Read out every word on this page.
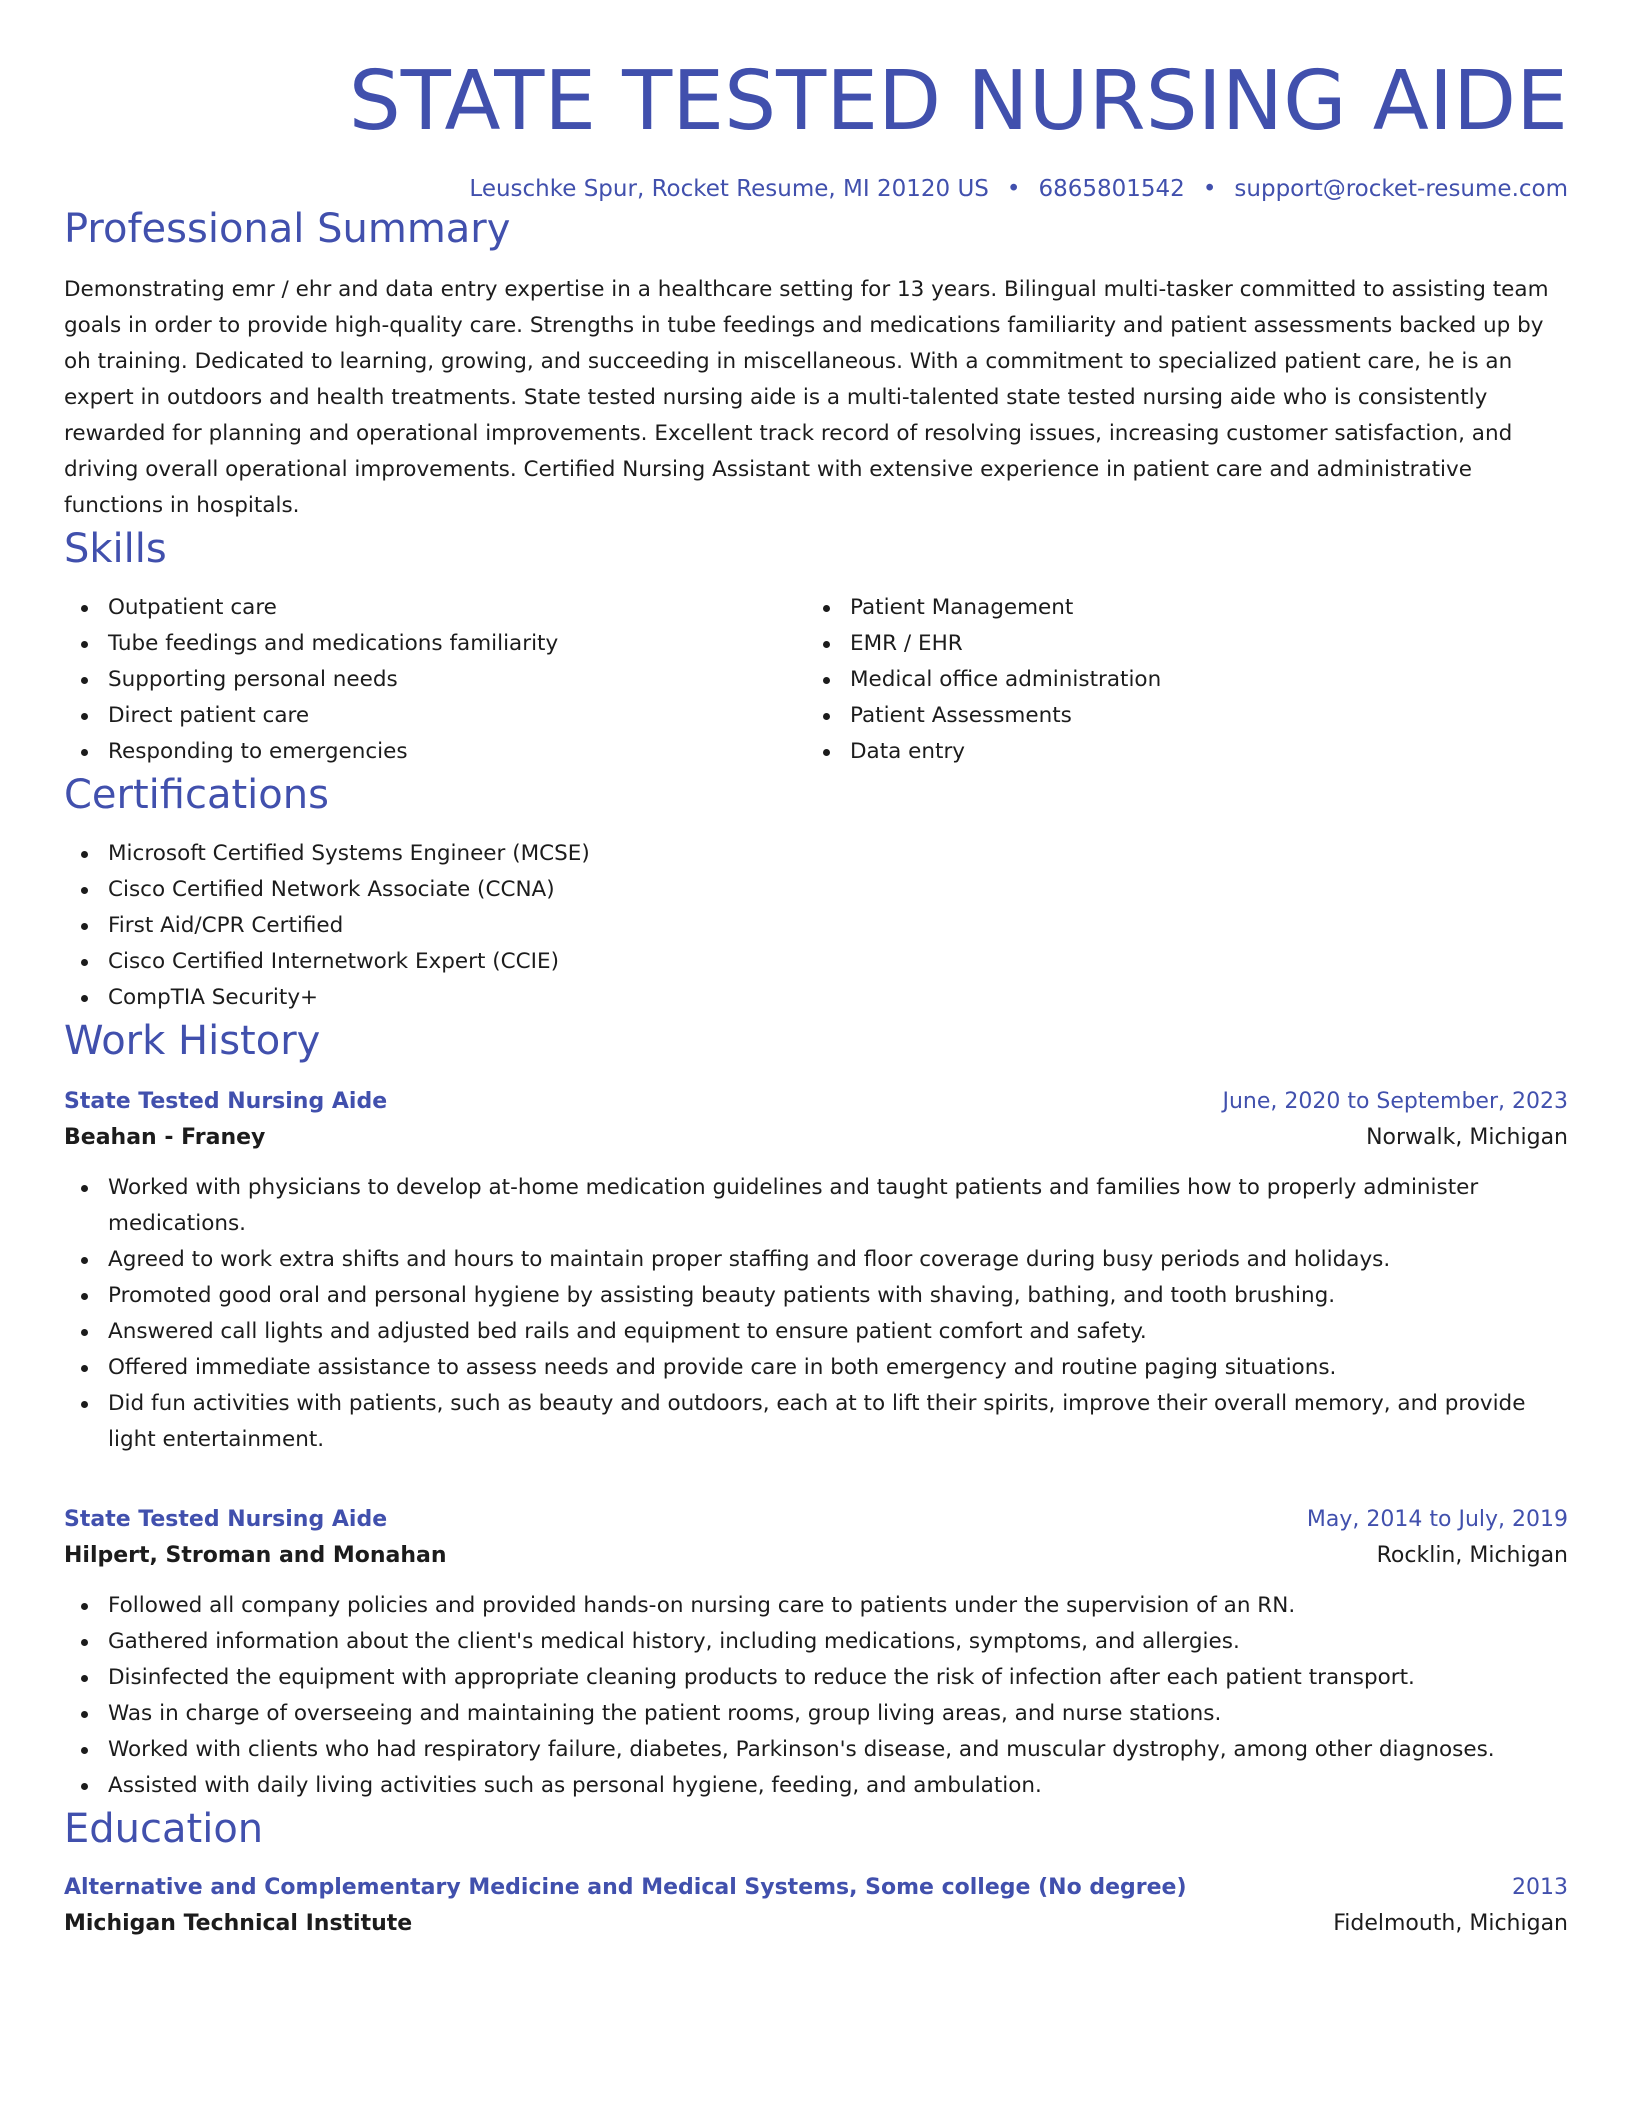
STATE TESTED NURSING AIDE
Leuschke Spur, Rocket Resume, MI 20120 US • 6865801542 • support@rocket-resume.com
Professional Summary
Demonstrating emr / ehr and data entry expertise in a healthcare setting for 13 years. Bilingual multi-tasker committed to assisting team goals in order to provide high-quality care. Strengths in tube feedings and medications familiarity and patient assessments backed up by oh training. Dedicated to learning, growing, and succeeding in miscellaneous. With a commitment to specialized patient care, he is an expert in outdoors and health treatments. State tested nursing aide is a multi-talented state tested nursing aide who is consistently rewarded for planning and operational improvements. Excellent track record of resolving issues, increasing customer satisfaction, and driving overall operational improvements. Certified Nursing Assistant with extensive experience in patient care and administrative functions in hospitals.
Skills
Outpatient care
Tube feedings and medications familiarity
Supporting personal needs
Direct patient care
Responding to emergencies
Patient Management
EMR / EHR
Medical office administration
Patient Assessments
Data entry
Certifications
Microsoft Certified Systems Engineer (MCSE)
Cisco Certified Network Associate (CCNA)
First Aid/CPR Certified
Cisco Certified Internetwork Expert (CCIE)
CompTIA Security+
Work History
State Tested Nursing Aide	June, 2020 to September, 2023
Beahan - Franey	Norwalk, Michigan
Worked with physicians to develop at-home medication guidelines and taught patients and families how to properly administer medications.
Agreed to work extra shifts and hours to maintain proper staffing and floor coverage during busy periods and holidays.
Promoted good oral and personal hygiene by assisting beauty patients with shaving, bathing, and tooth brushing.
Answered call lights and adjusted bed rails and equipment to ensure patient comfort and safety.
Offered immediate assistance to assess needs and provide care in both emergency and routine paging situations.
Did fun activities with patients, such as beauty and outdoors, each at to lift their spirits, improve their overall memory, and provide light entertainment.
State Tested Nursing Aide	May, 2014 to July, 2019
Hilpert, Stroman and Monahan	Rocklin, Michigan
Followed all company policies and provided hands-on nursing care to patients under the supervision of an RN.
Gathered information about the client's medical history, including medications, symptoms, and allergies.
Disinfected the equipment with appropriate cleaning products to reduce the risk of infection after each patient transport.
Was in charge of overseeing and maintaining the patient rooms, group living areas, and nurse stations.
Worked with clients who had respiratory failure, diabetes, Parkinson's disease, and muscular dystrophy, among other diagnoses.
Assisted with daily living activities such as personal hygiene, feeding, and ambulation.
Education
Alternative and Complementary Medicine and Medical Systems, Some college (No degree)	2013
Michigan Technical Institute	Fidelmouth, Michigan
